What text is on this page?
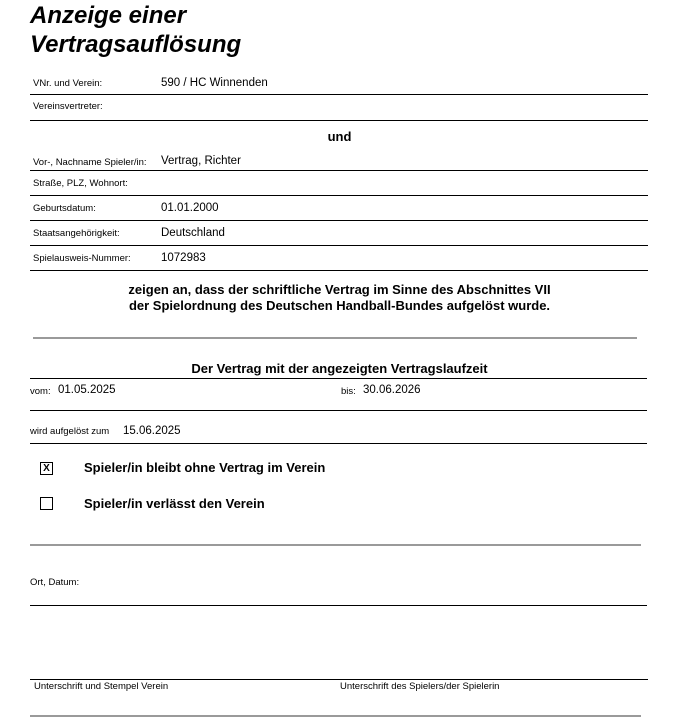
Anzeige einer
Vertragsauflösung
VNr. und Verein:	590 / HC Winnenden
Vereinsvertreter:
und
Vor-, Nachname Spieler/in: Vertrag, Richter
Straße, PLZ, Wohnort:
Geburtsdatum:	01.01.2000
Staatsangehörigkeit:	Deutschland
Spielausweis-Nummer:	1072983
zeigen an, dass der schriftliche Vertrag im Sinne des Abschnittes VII
der Spielordnung des Deutschen Handball-Bundes aufgelöst wurde.
Der Vertrag mit der angezeigten Vertragslaufzeit
vom: 01.05.2025	bis: 30.06.2026
wird aufgelöst zum 15.06.2025
X	Spieler/in bleibt ohne Vertrag im Verein
Spieler/in verlässt den Verein
Ort, Datum:
Unterschrift und Stempel Verein	Unterschrift des Spielers/der Spielerin
